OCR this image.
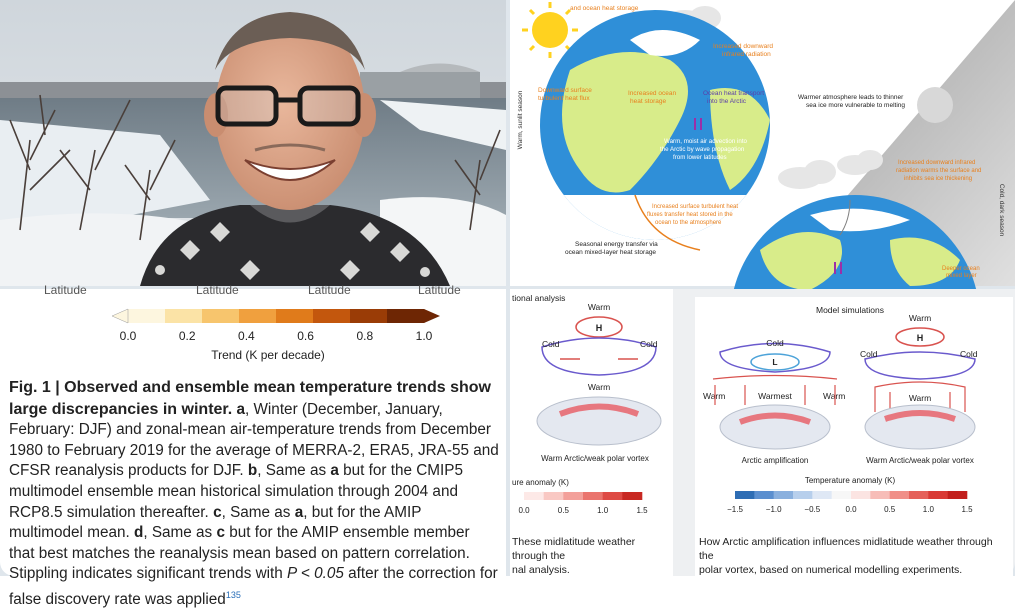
and ocean heat storage
Increased downward infrared radiation
Downward surface turbulent heat flux
Increased ocean heat storage
Ocean heat transport into the Arctic
Warm, moist air advection into the Arctic by wave propagation from lower latitudes
Warmer atmosphere leads to thinner sea ice more vulnerable to melting
Increased downward infrared radiation warms the surface and inhibits sea ice thickening
Increased surface turbulent heat fluxes transfer heat stored in the ocean to the atmosphere
Seasonal energy transfer via ocean mixed-layer heat storage
Deeper ocean mixed layer
Warm, sunlit season
Cold, dark season
Latitude	Latitude	Latitude	Latitude
0.0	0.2	0.4	0.6	0.8	1.0
Trend (K per decade)
Fig. 1 | Observed and ensemble mean temperature trends show large discrepancies in winter. a, Winter (December, January, February: DJF) and zonal-mean air-temperature trends from December 1980 to February 2019 for the average of MERRA-2, ERA5, JRA-55 and CFSR reanalysis products for DJF. b, Same as a but for the CMIP5 multimodel ensemble mean historical simulation through 2004 and RCP8.5 simulation thereafter. c, Same as a, but for the AMIP multimodel mean. d, Same as c but for the AMIP ensemble member that best matches the reanalysis mean based on pattern correlation. Stippling indicates significant trends with P < 0.05 after the correction for false discovery rate was applied$^{135}$
tional analysis
Warm
H
Cold	Cold
Warm
Warm Arctic/weak polar vortex
ure anomaly (K)
0.0	0.5	1.0	1.5
These midlatitude weather through the
nal analysis.
Model simulations
Cold
L
Warm	Warmest	Warm
Arctic amplification
Warm
H
Cold	Cold
Warm
Warm Arctic/weak polar vortex
Temperature anomaly (K)
−1.5	−1.0	−0.5	0.0	0.5	1.0	1.5
How Arctic amplification influences midlatitude weather through the
polar vortex, based on numerical modelling experiments.
